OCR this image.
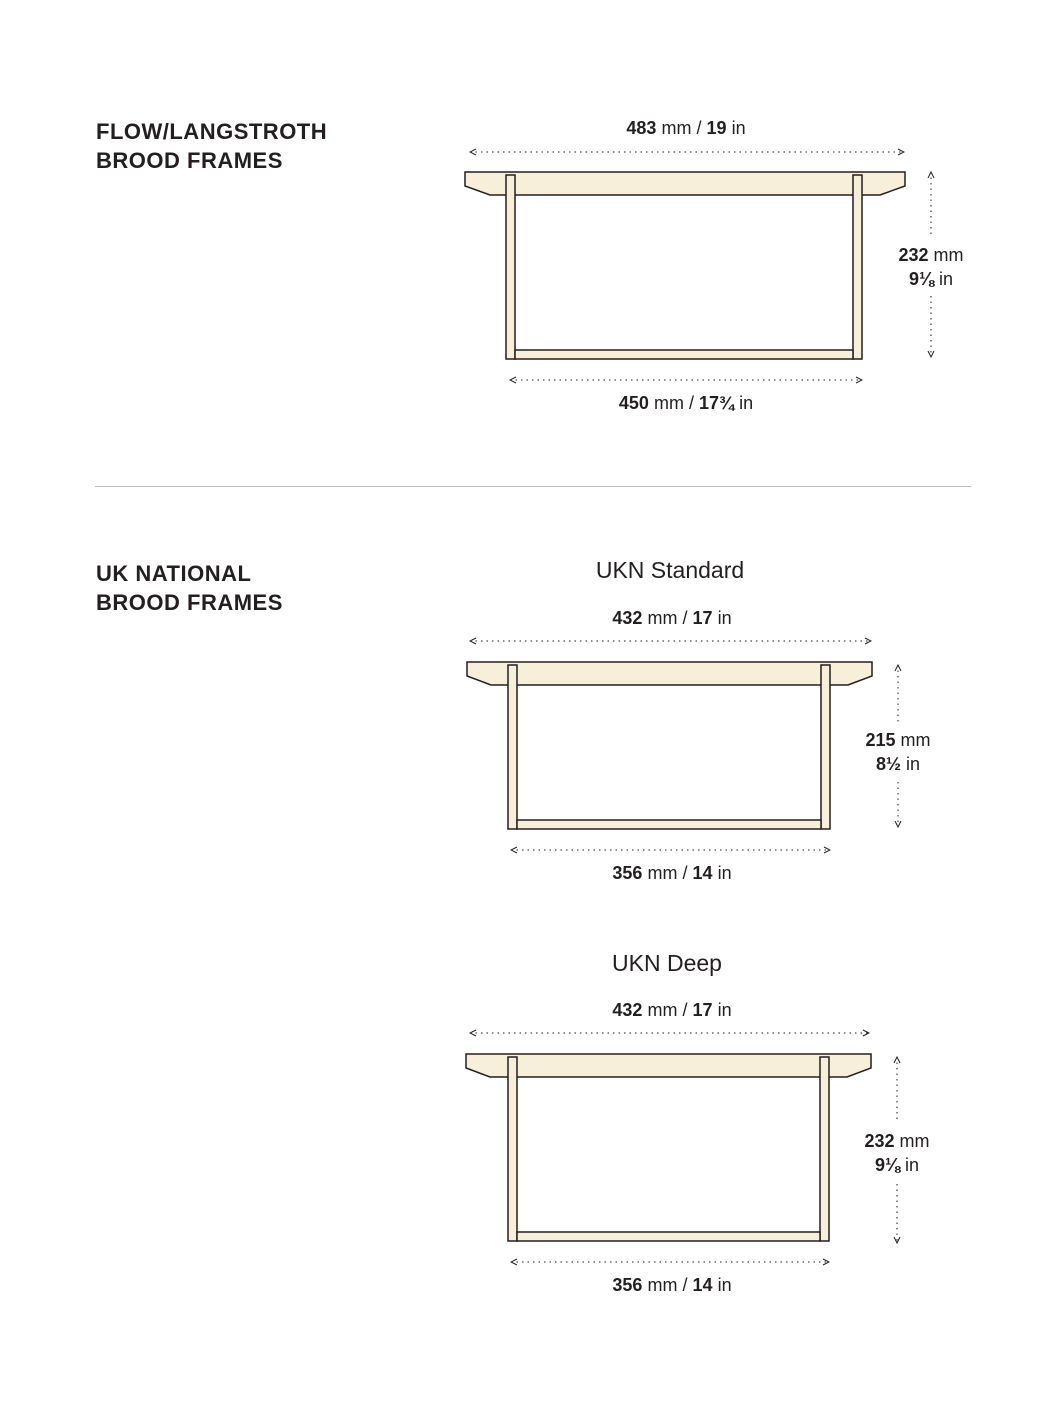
FLOW/LANGSTROTH
BROOD FRAMES
UK NATIONAL
BROOD FRAMES
UKN Standard
UKN Deep
483 mm / 19 in
232 mm
9⅛ in
450 mm / 17¾ in
432 mm / 17 in
215 mm
8½ in
356 mm / 14 in
432 mm / 17 in
232 mm
9⅛ in
356 mm / 14 in
